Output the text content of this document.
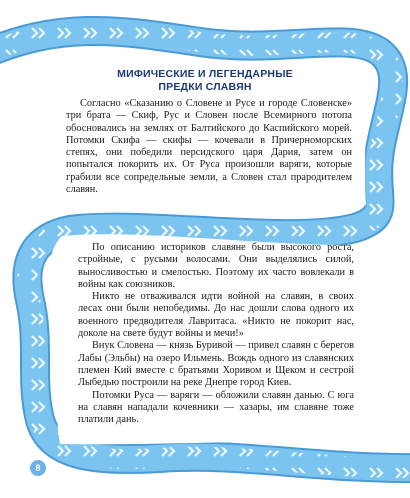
МИФИЧЕСКИЕ И ЛЕГЕНДАРНЫЕ
ПРЕДКИ СЛАВЯН

Согласно «Сказанию о Словене и Русе и городе Словенске» три брата — Скиф, Рус и Словен после Всемирного потопа обосновались на землях от Балтийского до Каспийского морей. Потомки Скифа — скифы — кочевали в Причерноморских степях, они победили персидского царя Дария, затем он попытался покорить их. От Руса произошли варяги, которые грабили все сопредельные земли, а Словен стал прародителем славян.

По описанию историков славяне были высокого роста, стройные, с русыми волосами. Они выделялись силой, выносливостью и смелостью. Поэтому их часто вовлекали в войны как союзников.

Никто не отваживался идти войной на славян, в своих лесах они были непобедимы. До нас дошли слова одного их военного предводителя Лавритаса. «Никто не покорит нас, доколе на свете будут войны и мечи!»

Внук Словена — князь Буривой — привел славян с берегов Лабы (Эльбы) на озеро Ильмень. Вождь одного из славянских племен Кий вместе с братьями Хоривом и Щеком и сестрой Лыбедью построили на реке Днепре город Киев.

Потомки Руса — варяги — обложили славян данью. С юга на славян нападали кочевники — хазары, им славяне тоже платили дань.

8
